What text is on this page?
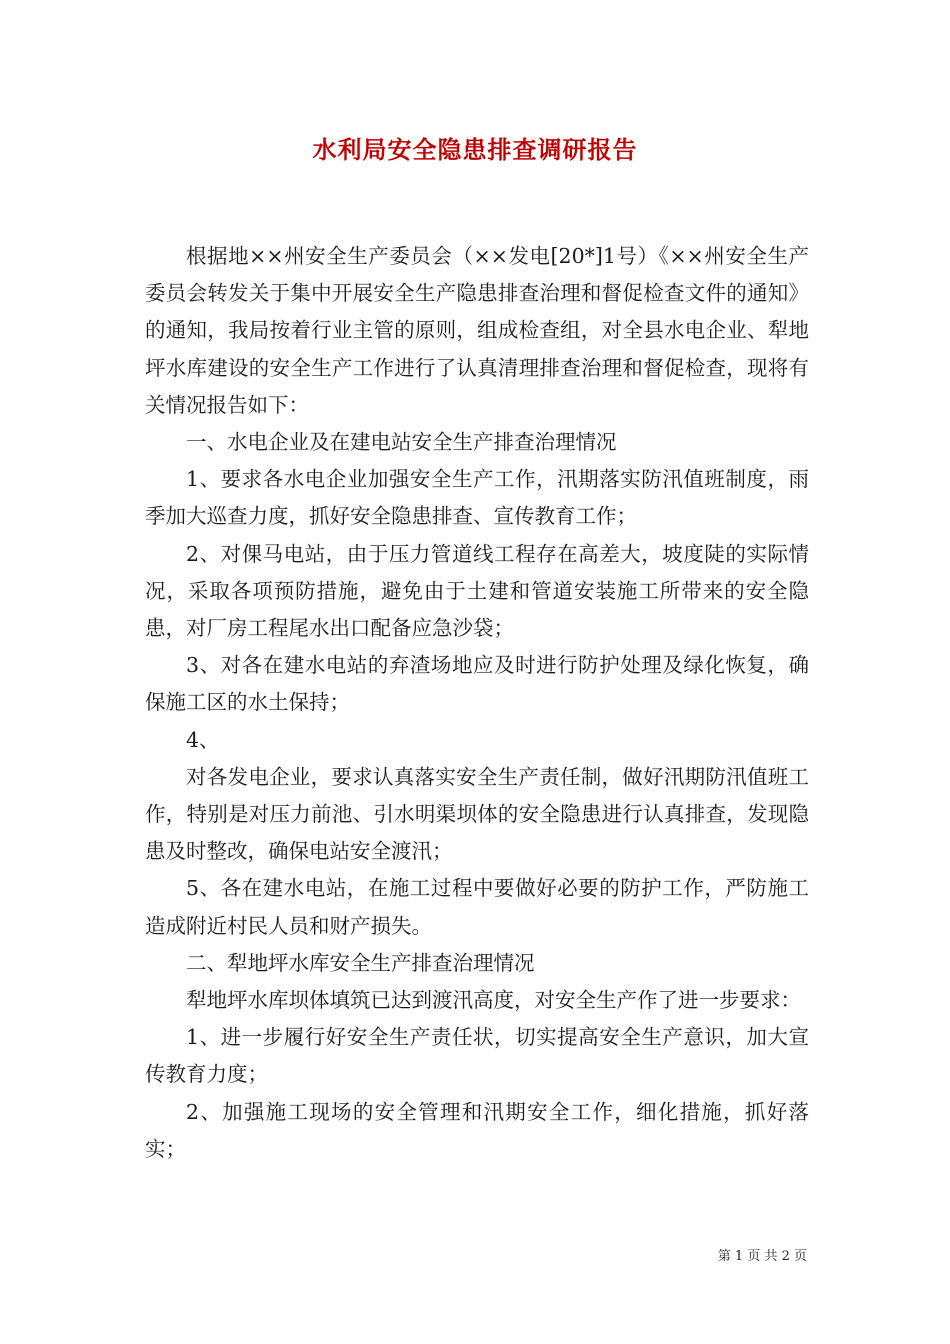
水利局安全隐患排查调研报告

根据地××州安全生产委员会（××发电[20*]1号）《××州安全生产委员会转发关于集中开展安全生产隐患排查治理和督促检查文件的通知》的通知，我局按着行业主管的原则，组成检查组，对全县水电企业、犁地坪水库建设的安全生产工作进行了认真清理排查治理和督促检查，现将有关情况报告如下：

一、水电企业及在建电站安全生产排查治理情况

1、要求各水电企业加强安全生产工作，汛期落实防汛值班制度，雨季加大巡查力度，抓好安全隐患排查、宣传教育工作；

2、对倮马电站，由于压力管道线工程存在高差大，坡度陡的实际情况，采取各项预防措施，避免由于土建和管道安装施工所带来的安全隐患，对厂房工程尾水出口配备应急沙袋；

3、对各在建水电站的弃渣场地应及时进行防护处理及绿化恢复，确保施工区的水土保持；

4、

对各发电企业，要求认真落实安全生产责任制，做好汛期防汛值班工作，特别是对压力前池、引水明渠坝体的安全隐患进行认真排查，发现隐患及时整改，确保电站安全渡汛；

5、各在建水电站，在施工过程中要做好必要的防护工作，严防施工造成附近村民人员和财产损失。

二、犁地坪水库安全生产排查治理情况

犁地坪水库坝体填筑已达到渡汛高度，对安全生产作了进一步要求：

1、进一步履行好安全生产责任状，切实提高安全生产意识，加大宣传教育力度；

2、加强施工现场的安全管理和汛期安全工作，细化措施，抓好落实；

第 1 页 共 2 页
